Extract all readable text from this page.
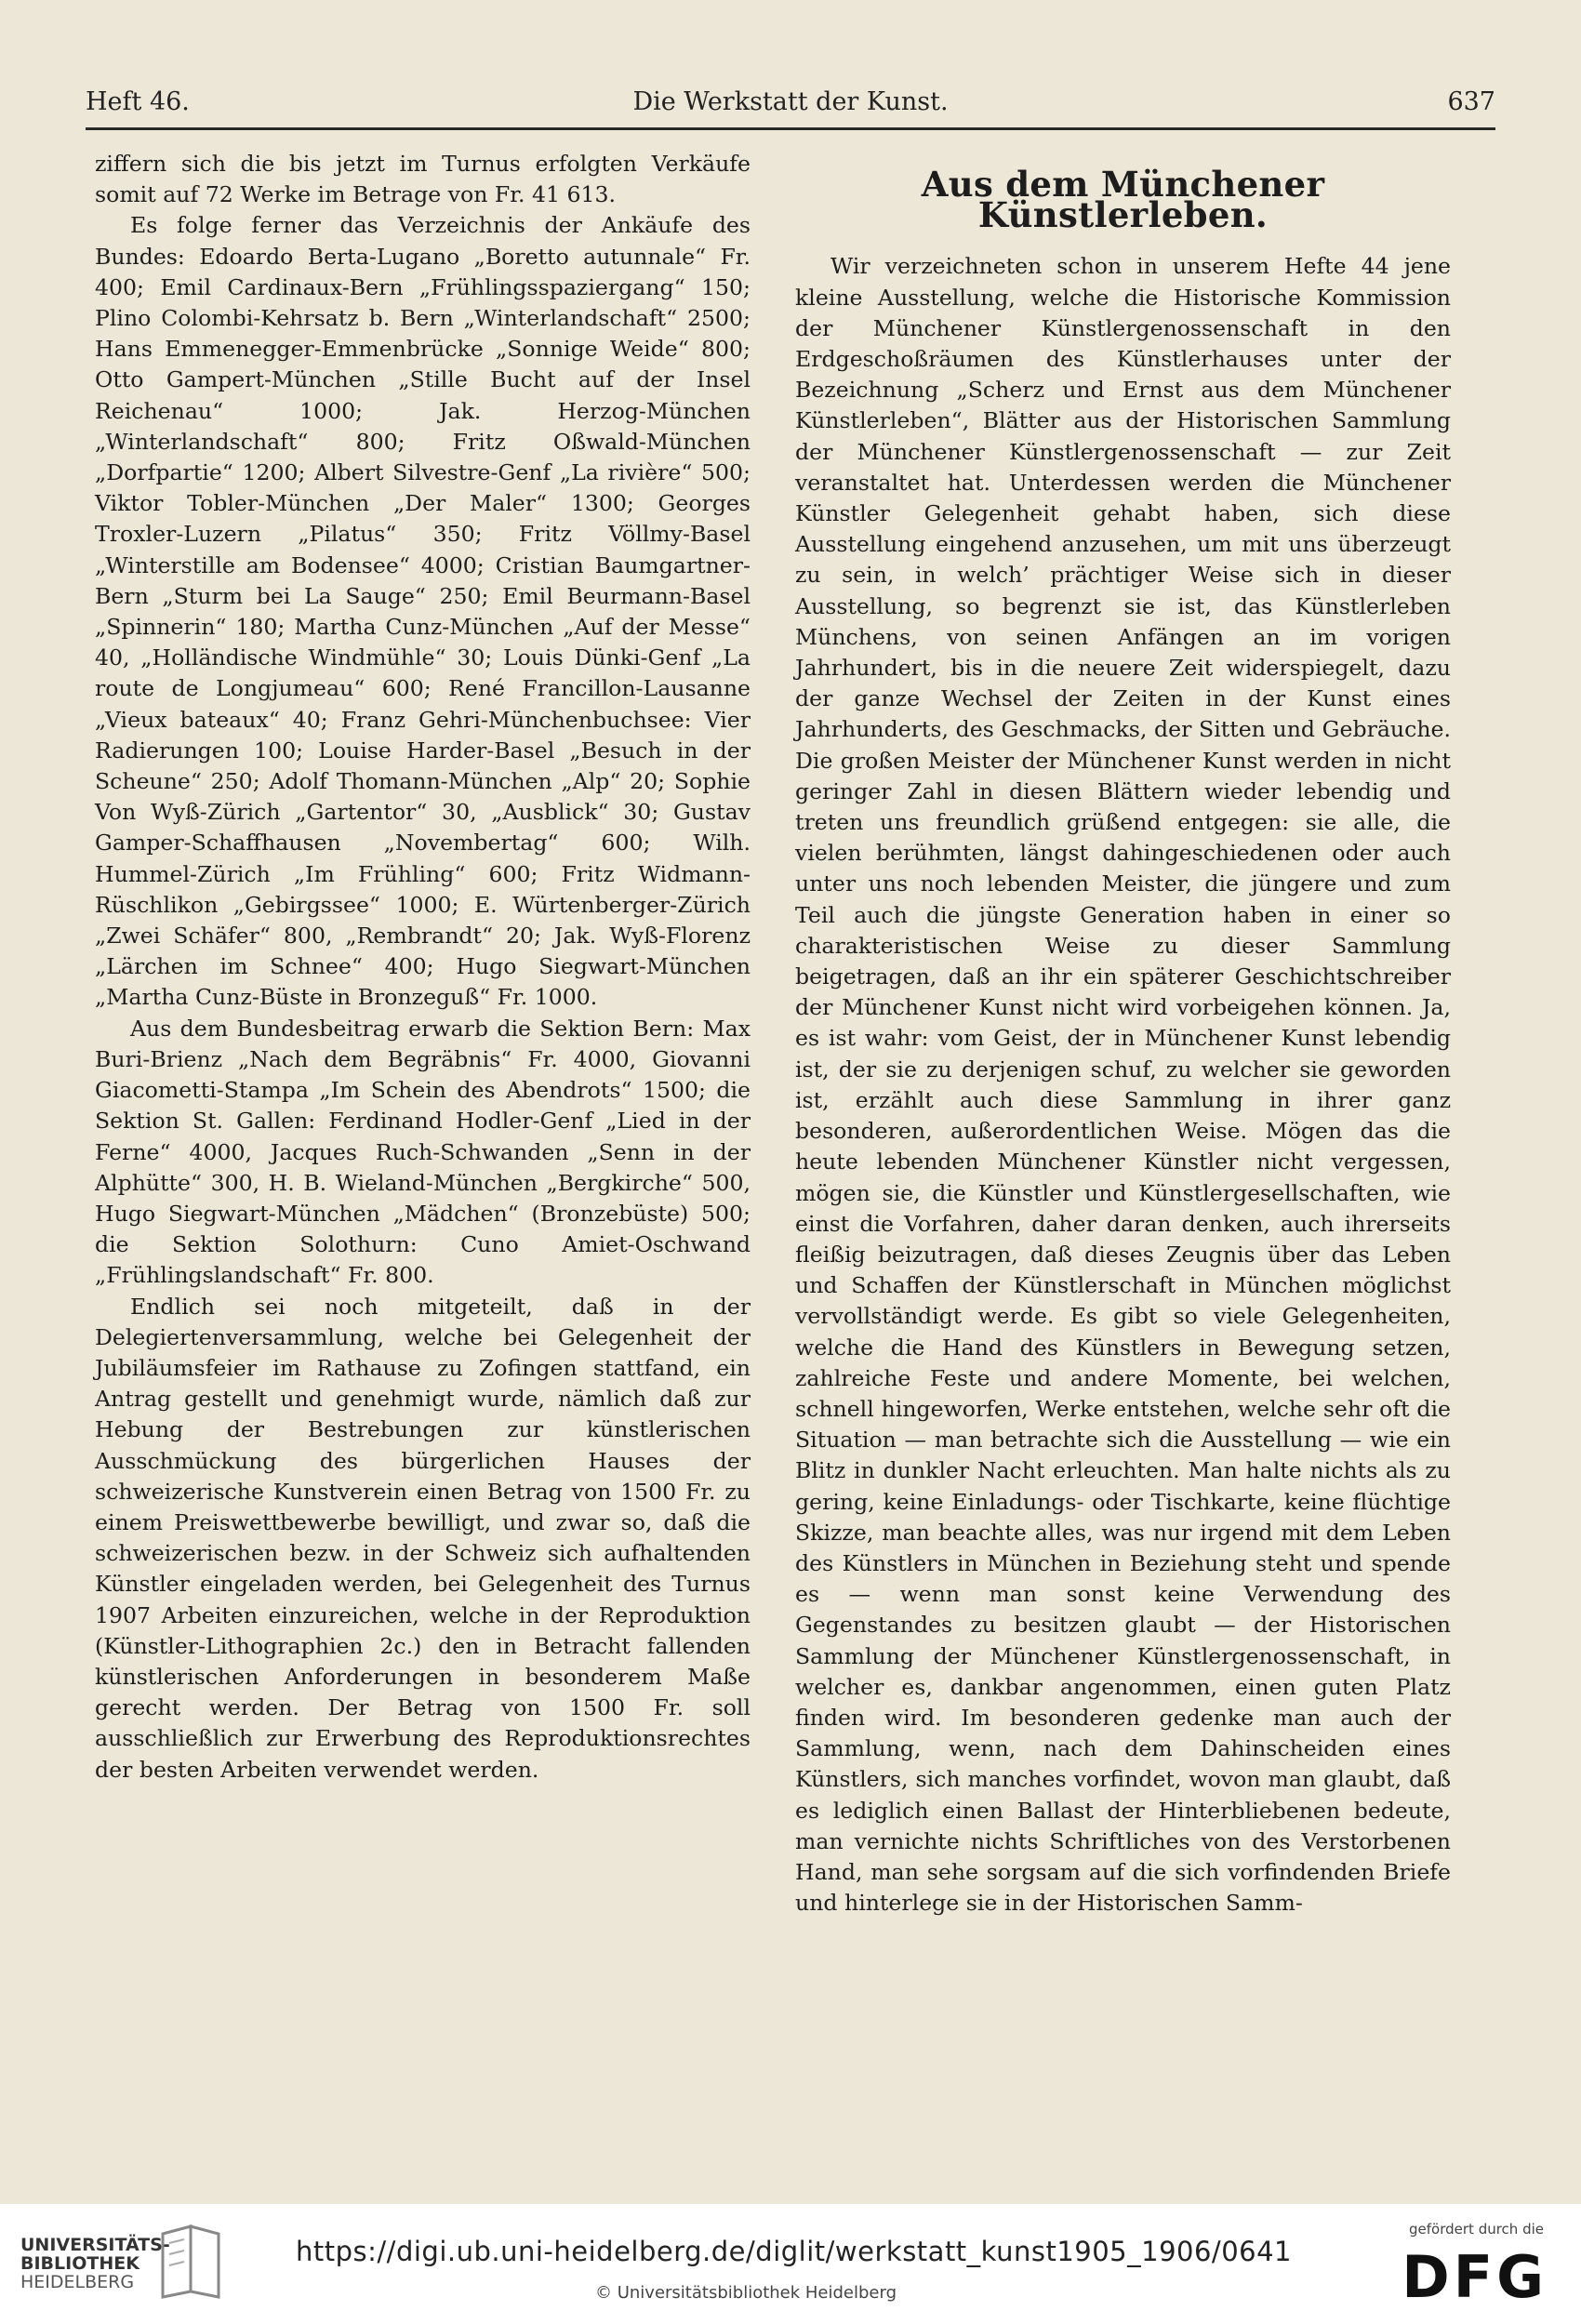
Heft 46.	Die Werkstatt der Kunst.	637

ziffern sich die bis jetzt im Turnus erfolgten Verkäufe somit auf 72 Werke im Betrage von Fr. 41 613.

Es folge ferner das Verzeichnis der Ankäufe des Bundes: Edoardo Berta-Lugano „Boretto autunnale“ Fr. 400; Emil Cardinaux-Bern „Frühlingsspaziergang“ 150; Plino Colombi-Kehrsatz b. Bern „Winterlandschaft“ 2500; Hans Emmenegger-Emmenbrücke „Sonnige Weide“ 800; Otto Gampert-München „Stille Bucht auf der Insel Reichenau“ 1000; Jak. Herzog-München „Winterlandschaft“ 800; Fritz Oßwald-München „Dorfpartie“ 1200; Albert Silvestre-Genf „La rivière“ 500; Viktor Tobler-München „Der Maler“ 1300; Georges Troxler-Luzern „Pilatus“ 350; Fritz Völlmy-Basel „Winterstille am Bodensee“ 4000; Cristian Baumgartner-Bern „Sturm bei La Sauge“ 250; Emil Beurmann-Basel „Spinnerin“ 180; Martha Cunz-München „Auf der Messe“ 40, „Holländische Windmühle“ 30; Louis Dünki-Genf „La route de Longjumeau“ 600; René Francillon-Lausanne „Vieux bateaux“ 40; Franz Gehri-Münchenbuchsee: Vier Radierungen 100; Louise Harder-Basel „Besuch in der Scheune“ 250; Adolf Thomann-München „Alp“ 20; Sophie Von Wyß-Zürich „Gartentor“ 30, „Ausblick“ 30; Gustav Gamper-Schaffhausen „Novembertag“ 600; Wilh. Hummel-Zürich „Im Frühling“ 600; Fritz Widmann-Rüschlikon „Gebirgssee“ 1000; E. Würtenberger-Zürich „Zwei Schäfer“ 800, „Rembrandt“ 20; Jak. Wyß-Florenz „Lärchen im Schnee“ 400; Hugo Siegwart-München „Martha Cunz-Büste in Bronzeguß“ Fr. 1000.

Aus dem Bundesbeitrag erwarb die Sektion Bern: Max Buri-Brienz „Nach dem Begräbnis“ Fr. 4000, Giovanni Giacometti-Stampa „Im Schein des Abendrots“ 1500; die Sektion St. Gallen: Ferdinand Hodler-Genf „Lied in der Ferne“ 4000, Jacques Ruch-Schwanden „Senn in der Alphütte“ 300, H. B. Wieland-München „Bergkirche“ 500, Hugo Siegwart-München „Mädchen“ (Bronzebüste) 500; die Sektion Solothurn: Cuno Amiet-Oschwand „Frühlingslandschaft“ Fr. 800.

Endlich sei noch mitgeteilt, daß in der Delegiertenversammlung, welche bei Gelegenheit der Jubiläumsfeier im Rathause zu Zofingen stattfand, ein Antrag gestellt und genehmigt wurde, nämlich daß zur Hebung der Bestrebungen zur künstlerischen Ausschmückung des bürgerlichen Hauses der schweizerische Kunstverein einen Betrag von 1500 Fr. zu einem Preiswettbewerbe bewilligt, und zwar so, daß die schweizerischen bezw. in der Schweiz sich aufhaltenden Künstler eingeladen werden, bei Gelegenheit des Turnus 1907 Arbeiten einzureichen, welche in der Reproduktion (Künstler-Lithographien 2c.) den in Betracht fallenden künstlerischen Anforderungen in besonderem Maße gerecht werden. Der Betrag von 1500 Fr. soll ausschließlich zur Erwerbung des Reproduktionsrechtes der besten Arbeiten verwendet werden.

Aus dem Münchener Künstlerleben.

Wir verzeichneten schon in unserem Hefte 44 jene kleine Ausstellung, welche die Historische Kommission der Münchener Künstlergenossenschaft in den Erdgeschoßräumen des Künstlerhauses unter der Bezeichnung „Scherz und Ernst aus dem Münchener Künstlerleben“, Blätter aus der Historischen Sammlung der Münchener Künstlergenossenschaft — zur Zeit veranstaltet hat. Unterdessen werden die Münchener Künstler Gelegenheit gehabt haben, sich diese Ausstellung eingehend anzusehen, um mit uns überzeugt zu sein, in welch’ prächtiger Weise sich in dieser Ausstellung, so begrenzt sie ist, das Künstlerleben Münchens, von seinen Anfängen an im vorigen Jahrhundert, bis in die neuere Zeit widerspiegelt, dazu der ganze Wechsel der Zeiten in der Kunst eines Jahrhunderts, des Geschmacks, der Sitten und Gebräuche. Die großen Meister der Münchener Kunst werden in nicht geringer Zahl in diesen Blättern wieder lebendig und treten uns freundlich grüßend entgegen: sie alle, die vielen berühmten, längst dahingeschiedenen oder auch unter uns noch lebenden Meister, die jüngere und zum Teil auch die jüngste Generation haben in einer so charakteristischen Weise zu dieser Sammlung beigetragen, daß an ihr ein späterer Geschichtschreiber der Münchener Kunst nicht wird vorbeigehen können. Ja, es ist wahr: vom Geist, der in Münchener Kunst lebendig ist, der sie zu derjenigen schuf, zu welcher sie geworden ist, erzählt auch diese Sammlung in ihrer ganz besonderen, außerordentlichen Weise. Mögen das die heute lebenden Münchener Künstler nicht vergessen, mögen sie, die Künstler und Künstlergesellschaften, wie einst die Vorfahren, daher daran denken, auch ihrerseits fleißig beizutragen, daß dieses Zeugnis über das Leben und Schaffen der Künstlerschaft in München möglichst vervollständigt werde. Es gibt so viele Gelegenheiten, welche die Hand des Künstlers in Bewegung setzen, zahlreiche Feste und andere Momente, bei welchen, schnell hingeworfen, Werke entstehen, welche sehr oft die Situation — man betrachte sich die Ausstellung — wie ein Blitz in dunkler Nacht erleuchten. Man halte nichts als zu gering, keine Einladungs- oder Tischkarte, keine flüchtige Skizze, man beachte alles, was nur irgend mit dem Leben des Künstlers in München in Beziehung steht und spende es — wenn man sonst keine Verwendung des Gegenstandes zu besitzen glaubt — der Historischen Sammlung der Münchener Künstlergenossenschaft, in welcher es, dankbar angenommen, einen guten Platz finden wird. Im besonderen gedenke man auch der Sammlung, wenn, nach dem Dahinscheiden eines Künstlers, sich manches vorfindet, wovon man glaubt, daß es lediglich einen Ballast der Hinterbliebenen bedeute, man vernichte nichts Schriftliches von des Verstorbenen Hand, man sehe sorgsam auf die sich vorfindenden Briefe und hinterlege sie in der Historischen Samm-

UNIVERSITÄTS-
BIBLIOTHEK
HEIDELBERG
https://digi.ub.uni-heidelberg.de/diglit/werkstatt_kunst1905_1906/0641
© Universitätsbibliothek Heidelberg
gefördert durch die
DFG
